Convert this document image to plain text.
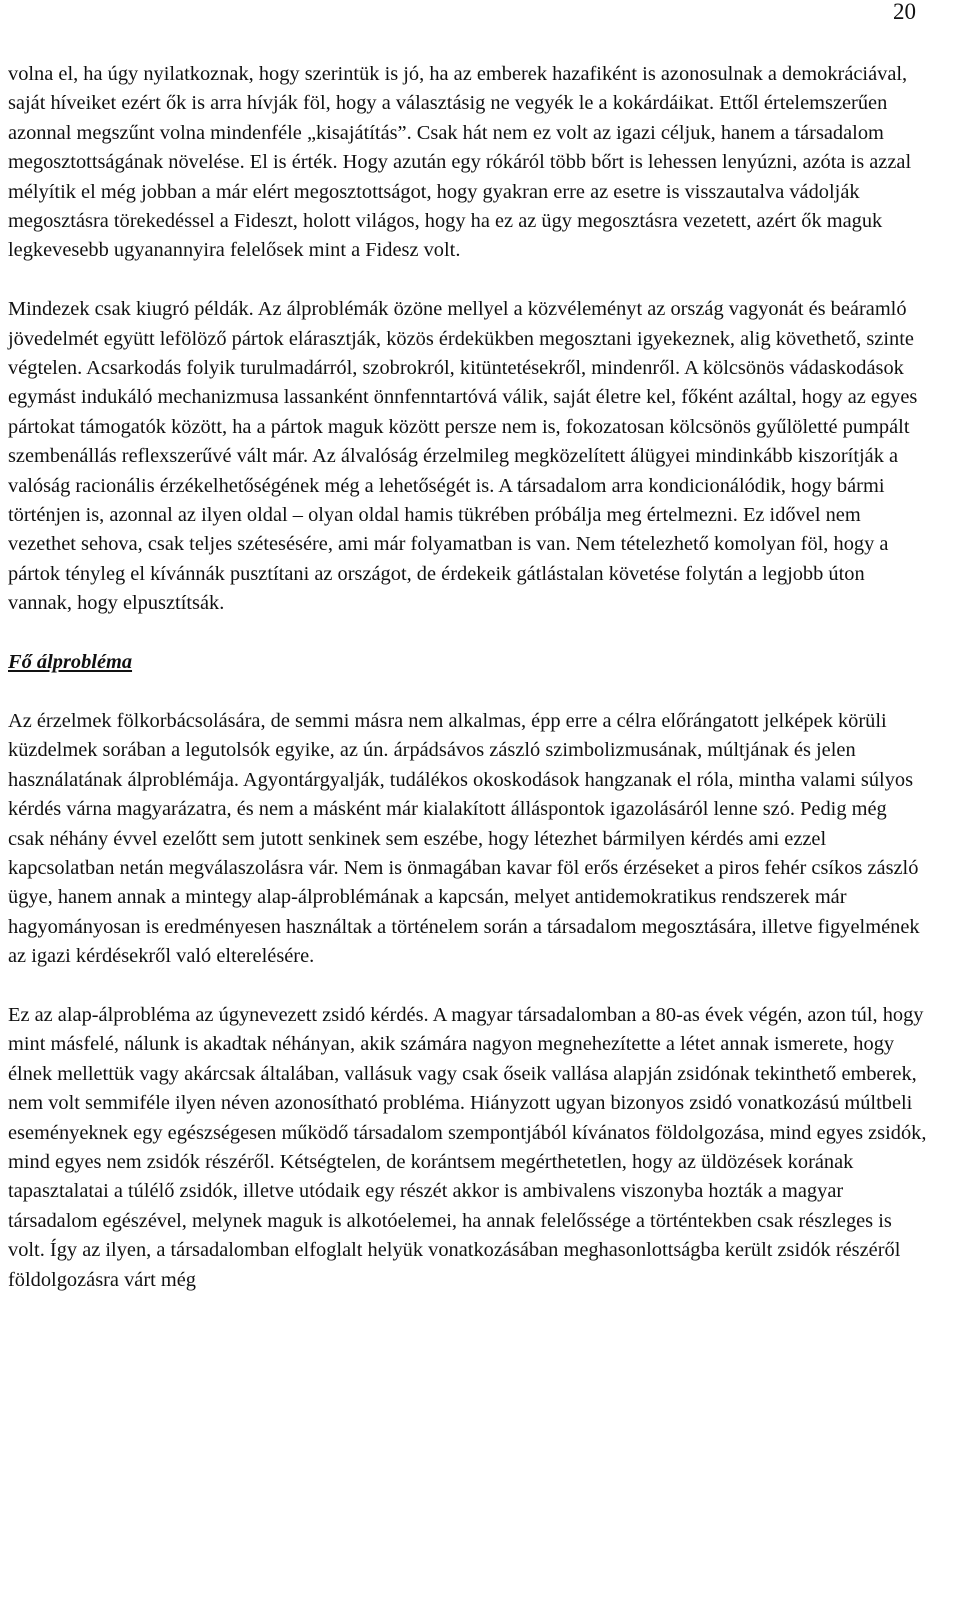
20

volna el, ha úgy nyilatkoznak, hogy szerintük is jó, ha az emberek hazafiként is azonosulnak a demokráciával, saját híveiket ezért ők is arra hívják föl, hogy a választásig ne vegyék le a kokárdáikat. Ettől értelemszerűen azonnal megszűnt volna mindenféle „kisajátítás”. Csak hát nem ez volt az igazi céljuk, hanem a társadalom megosztottságának növelése. El is érték. Hogy azután egy rókáról több bőrt is lehessen lenyúzni, azóta is azzal mélyítik el még jobban a már elért megosztottságot, hogy gyakran erre az esetre is visszautalva vádolják megosztásra törekedéssel a Fideszt, holott világos, hogy ha ez az ügy megosztásra vezetett, azért ők maguk legkevesebb ugyanannyira felelősek mint a Fidesz volt.

Mindezek csak kiugró példák. Az álproblémák özöne mellyel a közvéleményt az ország vagyonát és beáramló jövedelmét együtt lefölöző pártok elárasztják, közös érdekükben megosztani igyekeznek, alig követhető, szinte végtelen. Acsarkodás folyik turulmadárról, szobrokról, kitüntetésekről, mindenről. A kölcsönös vádaskodások egymást indukáló mechanizmusa lassanként önnfenntartóvá válik, saját életre kel, főként azáltal, hogy az egyes pártokat támogatók között, ha a pártok maguk között persze nem is, fokozatosan kölcsönös gyűlöletté pumpált szembenállás reflexszerűvé vált már. Az álvalóság érzelmileg megközelített álügyei mindinkább kiszorítják a valóság racionális érzékelhetőségének még a lehetőségét is. A társadalom arra kondicionálódik, hogy bármi történjen is, azonnal az ilyen oldal – olyan oldal hamis tükrében próbálja meg értelmezni. Ez idővel nem vezethet sehova, csak teljes szétesésére, ami már folyamatban is van. Nem tételezhető komolyan föl, hogy a pártok tényleg el kívánnák pusztítani az országot, de érdekeik gátlástalan követése folytán a legjobb úton vannak, hogy elpusztítsák.

Fő álprobléma

Az érzelmek fölkorbácsolására, de semmi másra nem alkalmas, épp erre a célra előrángatott jelképek körüli küzdelmek sorában a legutolsók egyike, az ún. árpádsávos zászló szimbolizmusának, múltjának és jelen használatának álproblémája. Agyontárgyalják, tudálékos okoskodások hangzanak el róla, mintha valami súlyos kérdés várna magyarázatra, és nem a másként már kialakított álláspontok igazolásáról lenne szó. Pedig még csak néhány évvel ezelőtt sem jutott senkinek sem eszébe, hogy létezhet bármilyen kérdés ami ezzel kapcsolatban netán megválaszolásra vár. Nem is önmagában kavar föl erős érzéseket a piros fehér csíkos zászló ügye, hanem annak a mintegy alap-álproblémának a kapcsán, melyet antidemokratikus rendszerek már hagyományosan is eredményesen használtak a történelem során a társadalom megosztására, illetve figyelmének az igazi kérdésekről való elterelésére.

Ez az alap-álprobléma az úgynevezett zsidó kérdés. A magyar társadalomban a 80-as évek végén, azon túl, hogy mint másfelé, nálunk is akadtak néhányan, akik számára nagyon megnehezítette a létet annak ismerete, hogy élnek mellettük vagy akárcsak általában, vallásuk vagy csak őseik vallása alapján zsidónak tekinthető emberek, nem volt semmiféle ilyen néven azonosítható probléma. Hiányzott ugyan bizonyos zsidó vonatkozású múltbeli eseményeknek egy egészségesen működő társadalom szempontjából kívánatos földolgozása, mind egyes zsidók, mind egyes nem zsidók részéről. Kétségtelen, de korántsem megérthetetlen, hogy az üldözések korának tapasztalatai a túlélő zsidók, illetve utódaik egy részét akkor is ambivalens viszonyba hozták a magyar társadalom egészével, melynek maguk is alkotóelemei, ha annak felelőssége a történtekben csak részleges is volt. Így az ilyen, a társadalomban elfoglalt helyük vonatkozásában meghasonlottságba került zsidók részéről földolgozásra várt még
